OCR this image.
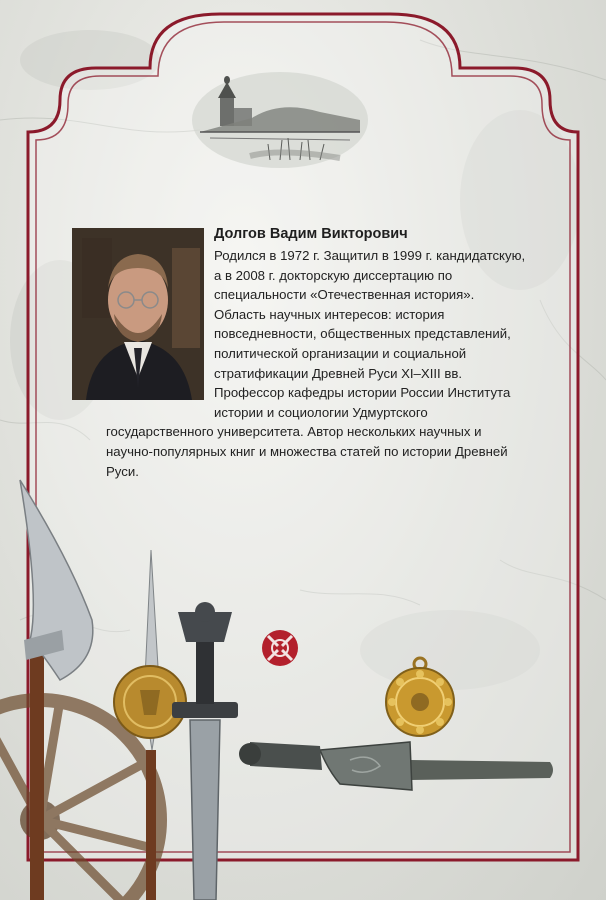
Долгов Вадим Викторович

Родился в 1972 г. Защитил в 1999 г. кандидатскую, а в 2008 г. докторскую диссертацию по специальности «Отечественная история». Область научных интересов: история повседневности, общественных представлений, политической организации и социальной стратификации Древней Руси XI–XIII вв. Профессор кафедры истории России Института истории и социологии Удмуртского государственного университета. Автор нескольких научных и научно-популярных книг и множества статей по истории Древней Руси.
